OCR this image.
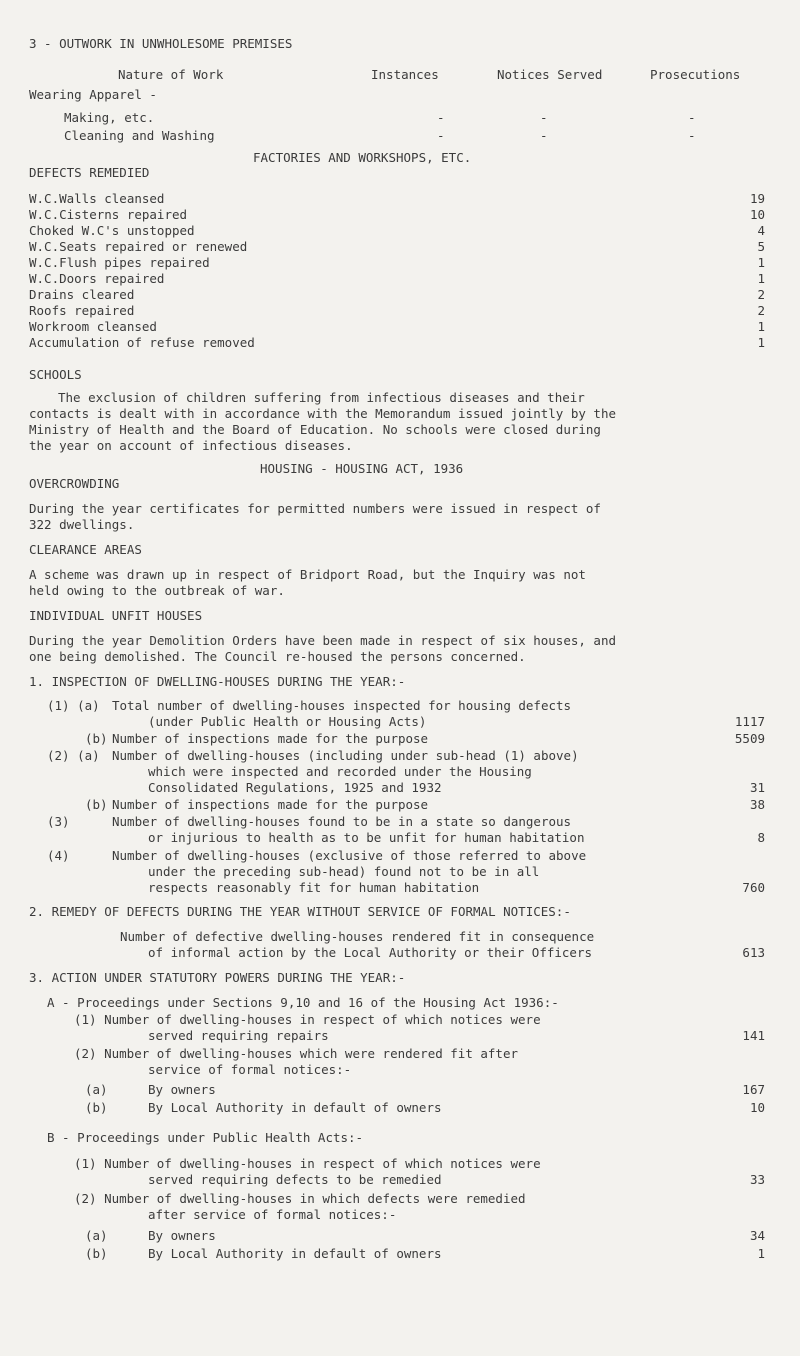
3 - OUTWORK IN UNWHOLESOME PREMISES
Nature of Work	Instances	Notices Served	Prosecutions
Wearing Apparel -
Making, etc.	-	-	-
Cleaning and Washing	-	-	-
FACTORIES AND WORKSHOPS, ETC.
DEFECTS REMEDIED
W.C.Walls cleansed	19
W.C.Cisterns repaired	10
Choked W.C's unstopped	4
W.C.Seats repaired or renewed	5
W.C.Flush pipes repaired	1
W.C.Doors repaired	1
Drains cleared	2
Roofs repaired	2
Workroom cleansed	1
Accumulation of refuse removed	1
SCHOOLS
The exclusion of children suffering from infectious diseases and their
contacts is dealt with in accordance with the Memorandum issued jointly by the
Ministry of Health and the Board of Education. No schools were closed during
the year on account of infectious diseases.
HOUSING - HOUSING ACT, 1936
OVERCROWDING
During the year certificates for permitted numbers were issued in respect of
322 dwellings.
CLEARANCE AREAS
A scheme was drawn up in respect of Bridport Road, but the Inquiry was not
held owing to the outbreak of war.
INDIVIDUAL UNFIT HOUSES
During the year Demolition Orders have been made in respect of six houses, and
one being demolished. The Council re-housed the persons concerned.
1. INSPECTION OF DWELLING-HOUSES DURING THE YEAR:-
(1) (a) Total number of dwelling-houses inspected for housing defects
(under Public Health or Housing Acts)	1117
(b) Number of inspections made for the purpose	5509
(2) (a) Number of dwelling-houses (including under sub-head (1) above)
which were inspected and recorded under the Housing
Consolidated Regulations, 1925 and 1932	31
(b) Number of inspections made for the purpose	38
(3)	Number of dwelling-houses found to be in a state so dangerous
or injurious to health as to be unfit for human habitation	8
(4)	Number of dwelling-houses (exclusive of those referred to above
under the preceding sub-head) found not to be in all
respects reasonably fit for human habitation	760
2. REMEDY OF DEFECTS DURING THE YEAR WITHOUT SERVICE OF FORMAL NOTICES:-
Number of defective dwelling-houses rendered fit in consequence
of informal action by the Local Authority or their Officers	613
3. ACTION UNDER STATUTORY POWERS DURING THE YEAR:-
A - Proceedings under Sections 9,10 and 16 of the Housing Act 1936:-
(1) Number of dwelling-houses in respect of which notices were
served requiring repairs	141
(2) Number of dwelling-houses which were rendered fit after
service of formal notices:-
(a)	By owners	167
(b)	By Local Authority in default of owners	10
B - Proceedings under Public Health Acts:-
(1) Number of dwelling-houses in respect of which notices were
served requiring defects to be remedied	33
(2) Number of dwelling-houses in which defects were remedied
after service of formal notices:-
(a)	By owners	34
(b)	By Local Authority in default of owners	1
